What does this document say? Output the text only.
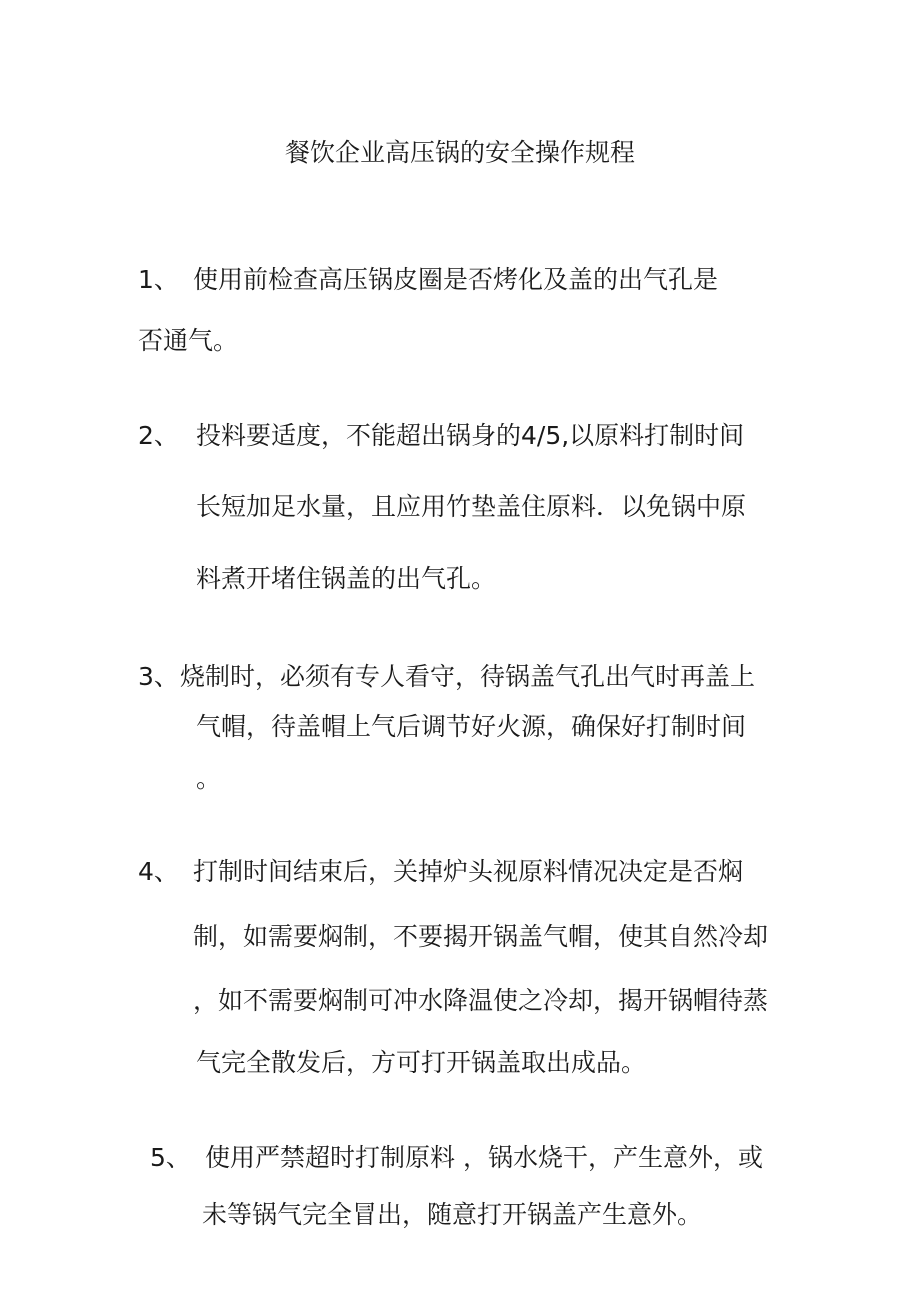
餐饮企业高压锅的安全操作规程
1、 使用前检查高压锅皮圈是否烤化及盖的出气孔是
否通气。
2、 投料要适度，不能超出锅身的4/5,以原料打制时间
长短加足水量，且应用竹垫盖住原料．以免锅中原
料煮开堵住锅盖的出气孔。
3、 烧制时，必须有专人看守，待锅盖气孔出气时再盖上
气帽，待盖帽上气后调节好火源，确保好打制时间
。
4、 打制时间结束后，关掉炉头视原料情况决定是否焖
制，如需要焖制，不要揭开锅盖气帽，使其自然冷却
，如不需要焖制可冲水降温使之冷却，揭开锅帽待蒸
气完全散发后，方可打开锅盖取出成品。
5、 使用严禁超时打制原料 ，锅水烧干，产生意外，或
未等锅气完全冒出，随意打开锅盖产生意外。
